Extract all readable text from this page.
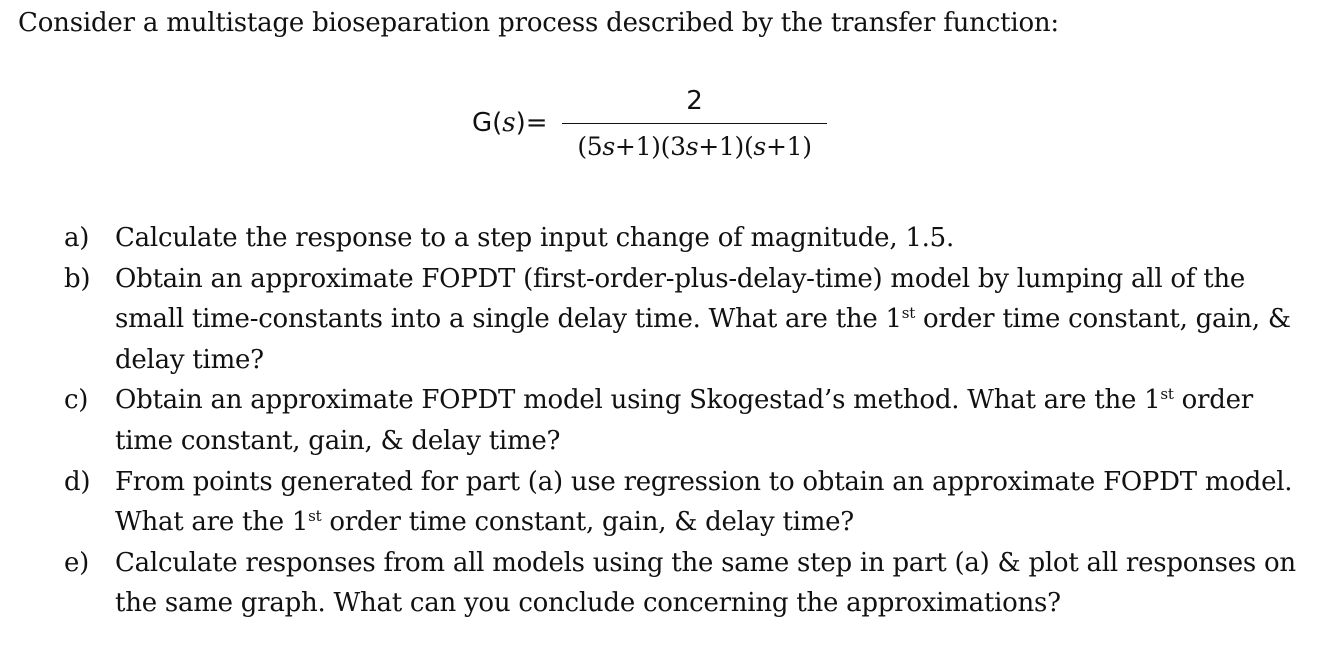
Consider a multistage bioseparation process described by the transfer function:
G(s)=
2
(5s+1)(3s+1)(s+1)
a) Calculate the response to a step input change of magnitude, 1.5.
b) Obtain an approximate FOPDT (first-order-plus-delay-time) model by lumping all of the small time-constants into a single delay time. What are the 1st order time constant, gain, & delay time?
c) Obtain an approximate FOPDT model using Skogestad’s method. What are the 1st order time constant, gain, & delay time?
d) From points generated for part (a) use regression to obtain an approximate FOPDT model. What are the 1st order time constant, gain, & delay time?
e) Calculate responses from all models using the same step in part (a) & plot all responses on the same graph. What can you conclude concerning the approximations?
